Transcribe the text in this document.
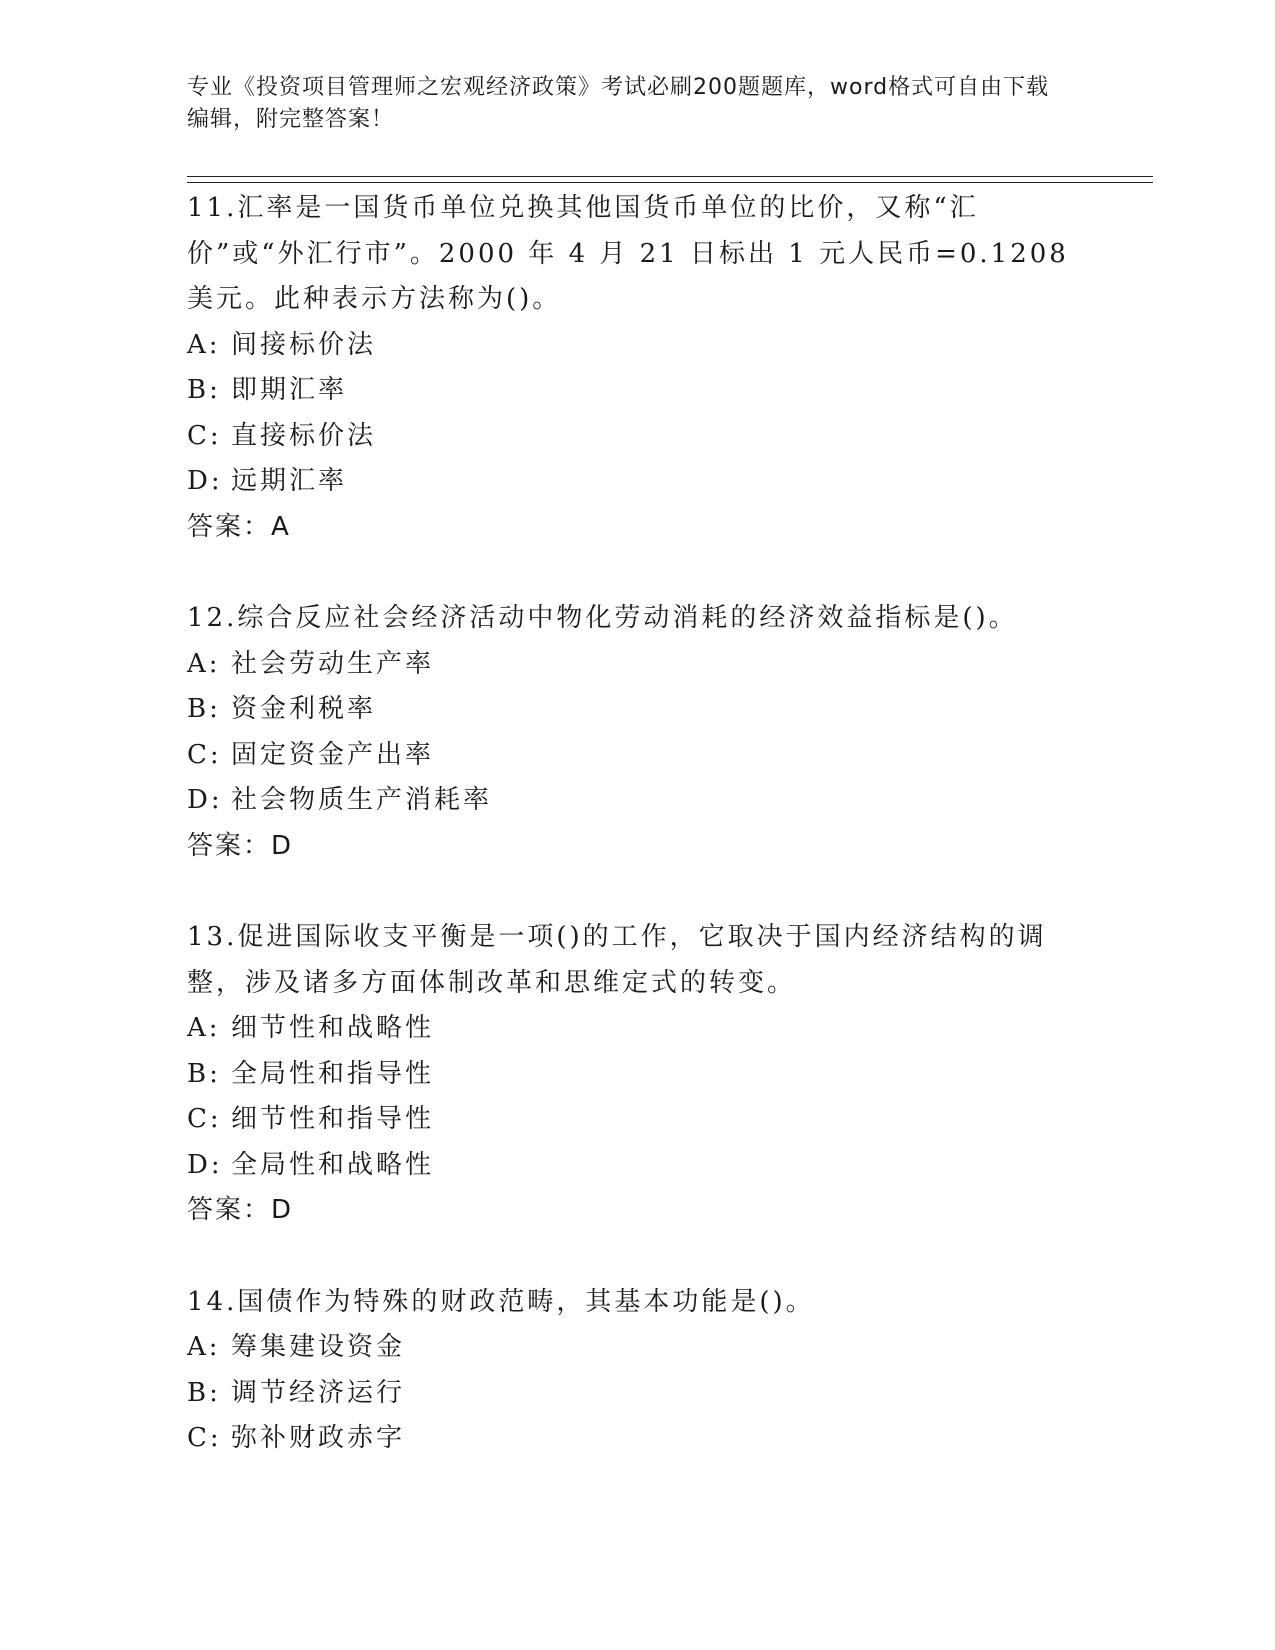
专业《投资项目管理师之宏观经济政策》考试必刷200题题库，word格式可自由下载编辑，附完整答案！
11.汇率是一国货币单位兑换其他国货币单位的比价，又称“汇价”或“外汇行市”。2000 年 4 月 21 日标出 1 元人民币=0.1208 美元。此种表示方法称为()。
A: 间接标价法
B: 即期汇率
C: 直接标价法
D: 远期汇率
答案：A
12.综合反应社会经济活动中物化劳动消耗的经济效益指标是()。
A: 社会劳动生产率
B: 资金利税率
C: 固定资金产出率
D: 社会物质生产消耗率
答案：D
13.促进国际收支平衡是一项()的工作，它取决于国内经济结构的调整，涉及诸多方面体制改革和思维定式的转变。
A: 细节性和战略性
B: 全局性和指导性
C: 细节性和指导性
D: 全局性和战略性
答案：D
14.国债作为特殊的财政范畴，其基本功能是()。
A: 筹集建设资金
B: 调节经济运行
C: 弥补财政赤字
